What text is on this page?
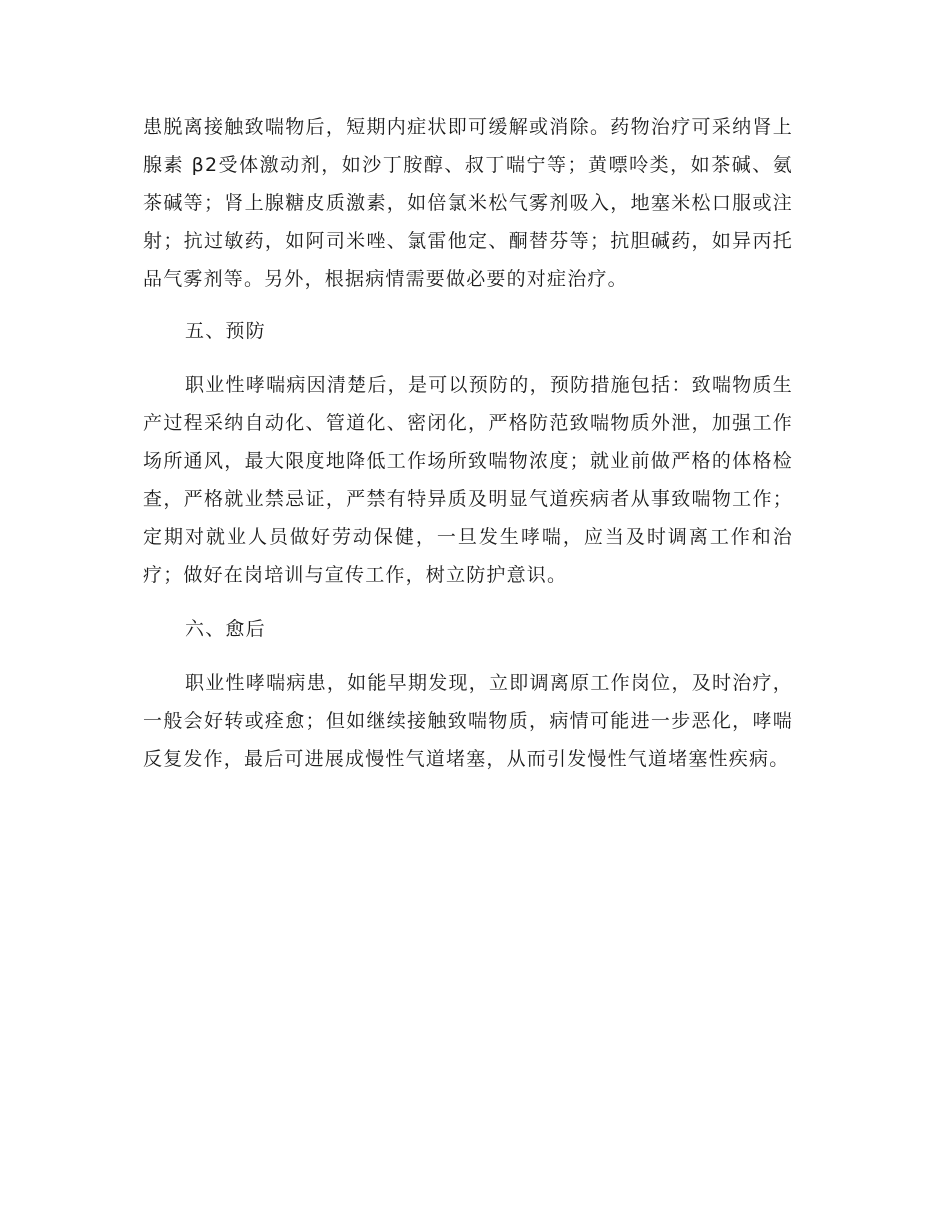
患脱离接触致喘物后，短期内症状即可缓解或消除。药物治疗可采纳肾上腺素 β2受体激动剂，如沙丁胺醇、叔丁喘宁等；黄嘌呤类，如茶碱、氨茶碱等；肾上腺糖皮质激素，如倍氯米松气雾剂吸入，地塞米松口服或注射；抗过敏药，如阿司米唑、氯雷他定、酮替芬等；抗胆碱药，如异丙托品气雾剂等。另外，根据病情需要做必要的对症治疗。

五、预防

职业性哮喘病因清楚后，是可以预防的，预防措施包括：致喘物质生产过程采纳自动化、管道化、密闭化，严格防范致喘物质外泄，加强工作场所通风，最大限度地降低工作场所致喘物浓度；就业前做严格的体格检查，严格就业禁忌证，严禁有特异质及明显气道疾病者从事致喘物工作；定期对就业人员做好劳动保健，一旦发生哮喘，应当及时调离工作和治疗；做好在岗培训与宣传工作，树立防护意识。

六、愈后

职业性哮喘病患，如能早期发现，立即调离原工作岗位，及时治疗，一般会好转或痊愈；但如继续接触致喘物质，病情可能进一步恶化，哮喘反复发作，最后可进展成慢性气道堵塞，从而引发慢性气道堵塞性疾病。
